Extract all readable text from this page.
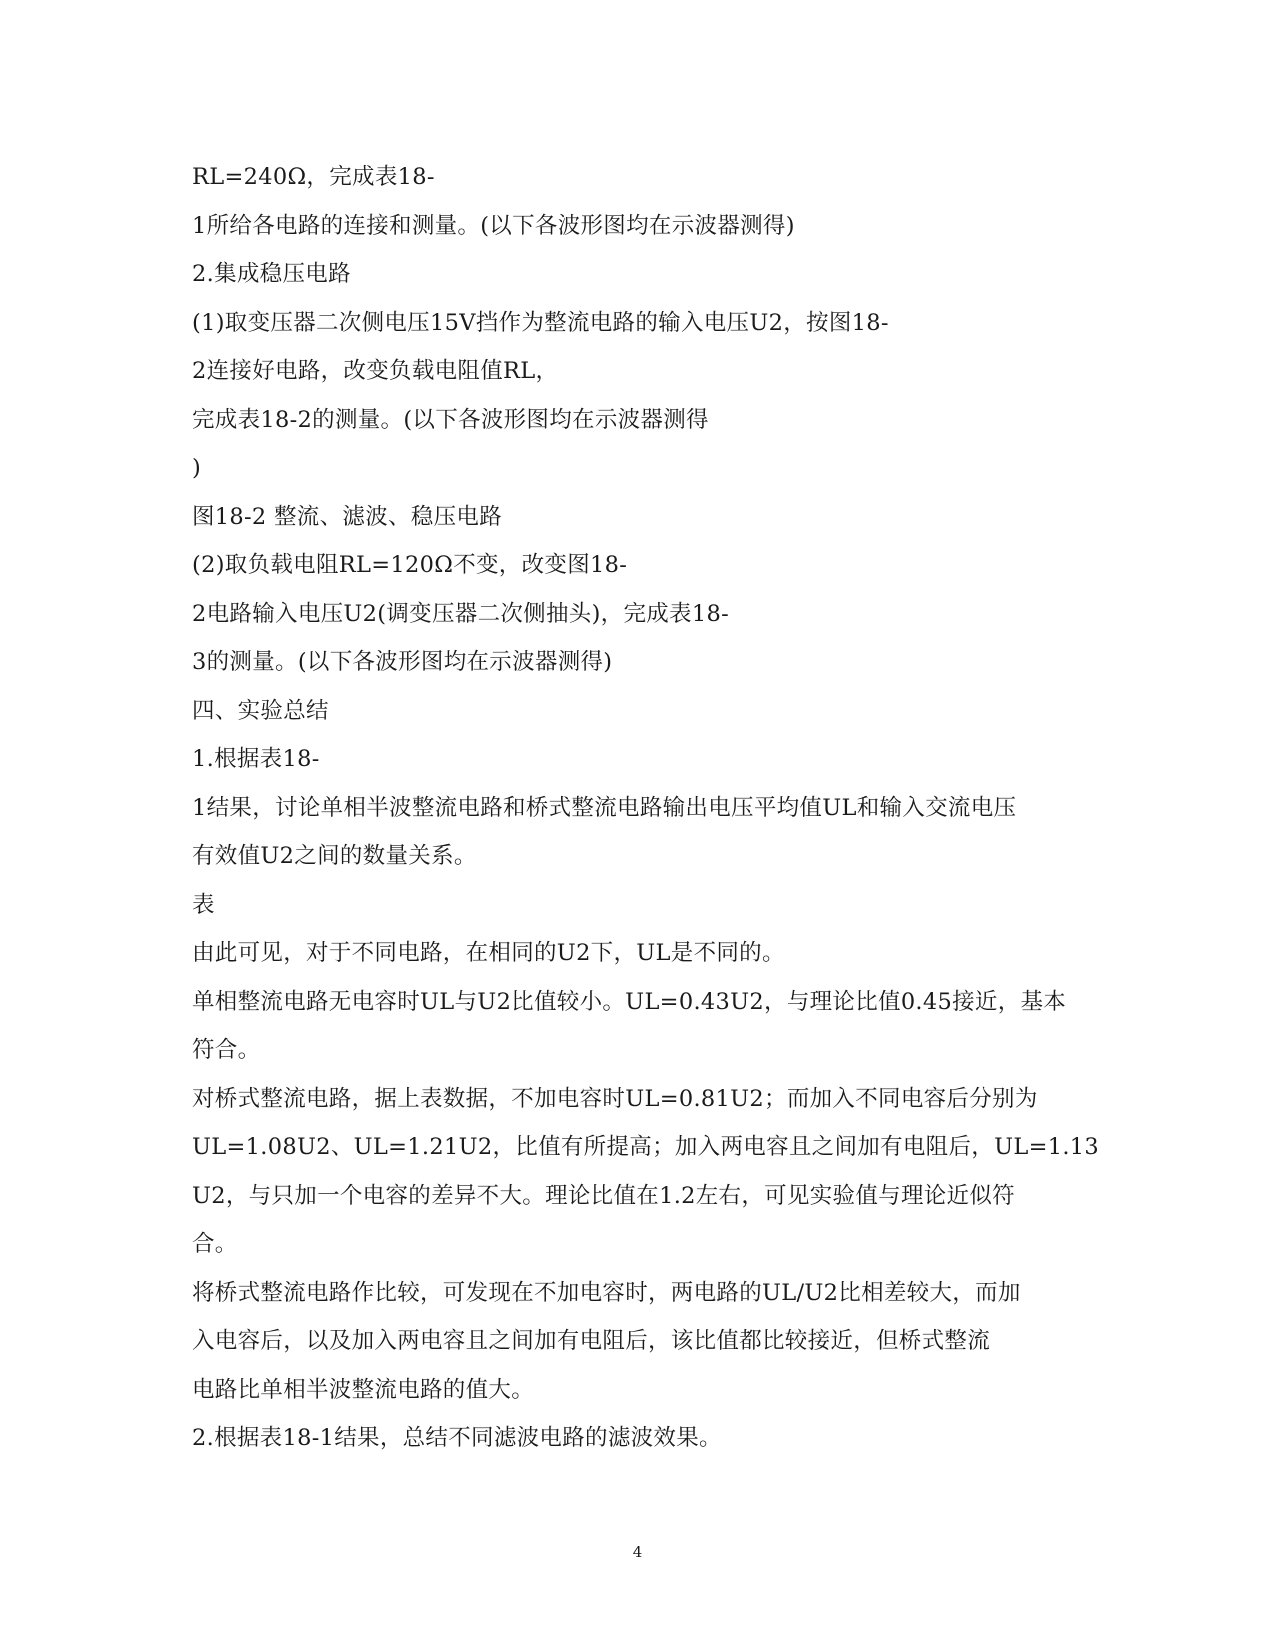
RL=240Ω，完成表18-
1所给各电路的连接和测量。(以下各波形图均在示波器测得)
2.集成稳压电路
(1)取变压器二次侧电压15V挡作为整流电路的输入电压U2，按图18-
2连接好电路，改变负载电阻值RL，
完成表18-2的测量。(以下各波形图均在示波器测得
)
图18-2 整流、滤波、稳压电路
(2)取负载电阻RL=120Ω不变，改变图18-
2电路输入电压U2(调变压器二次侧抽头)，完成表18-
3的测量。(以下各波形图均在示波器测得)
四、实验总结
1.根据表18-
1结果，讨论单相半波整流电路和桥式整流电路输出电压平均值UL和输入交流电压
有效值U2之间的数量关系。
表
由此可见，对于不同电路，在相同的U2下，UL是不同的。
单相整流电路无电容时UL与U2比值较小。UL=0.43U2，与理论比值0.45接近，基本
符合。
对桥式整流电路，据上表数据，不加电容时UL=0.81U2；而加入不同电容后分别为
UL=1.08U2、UL=1.21U2，比值有所提高；加入两电容且之间加有电阻后，UL=1.13
U2，与只加一个电容的差异不大。理论比值在1.2左右，可见实验值与理论近似符
合。
将桥式整流电路作比较，可发现在不加电容时，两电路的UL/U2比相差较大，而加
入电容后，以及加入两电容且之间加有电阻后，该比值都比较接近，但桥式整流
电路比单相半波整流电路的值大。
2.根据表18-1结果，总结不同滤波电路的滤波效果。
4
